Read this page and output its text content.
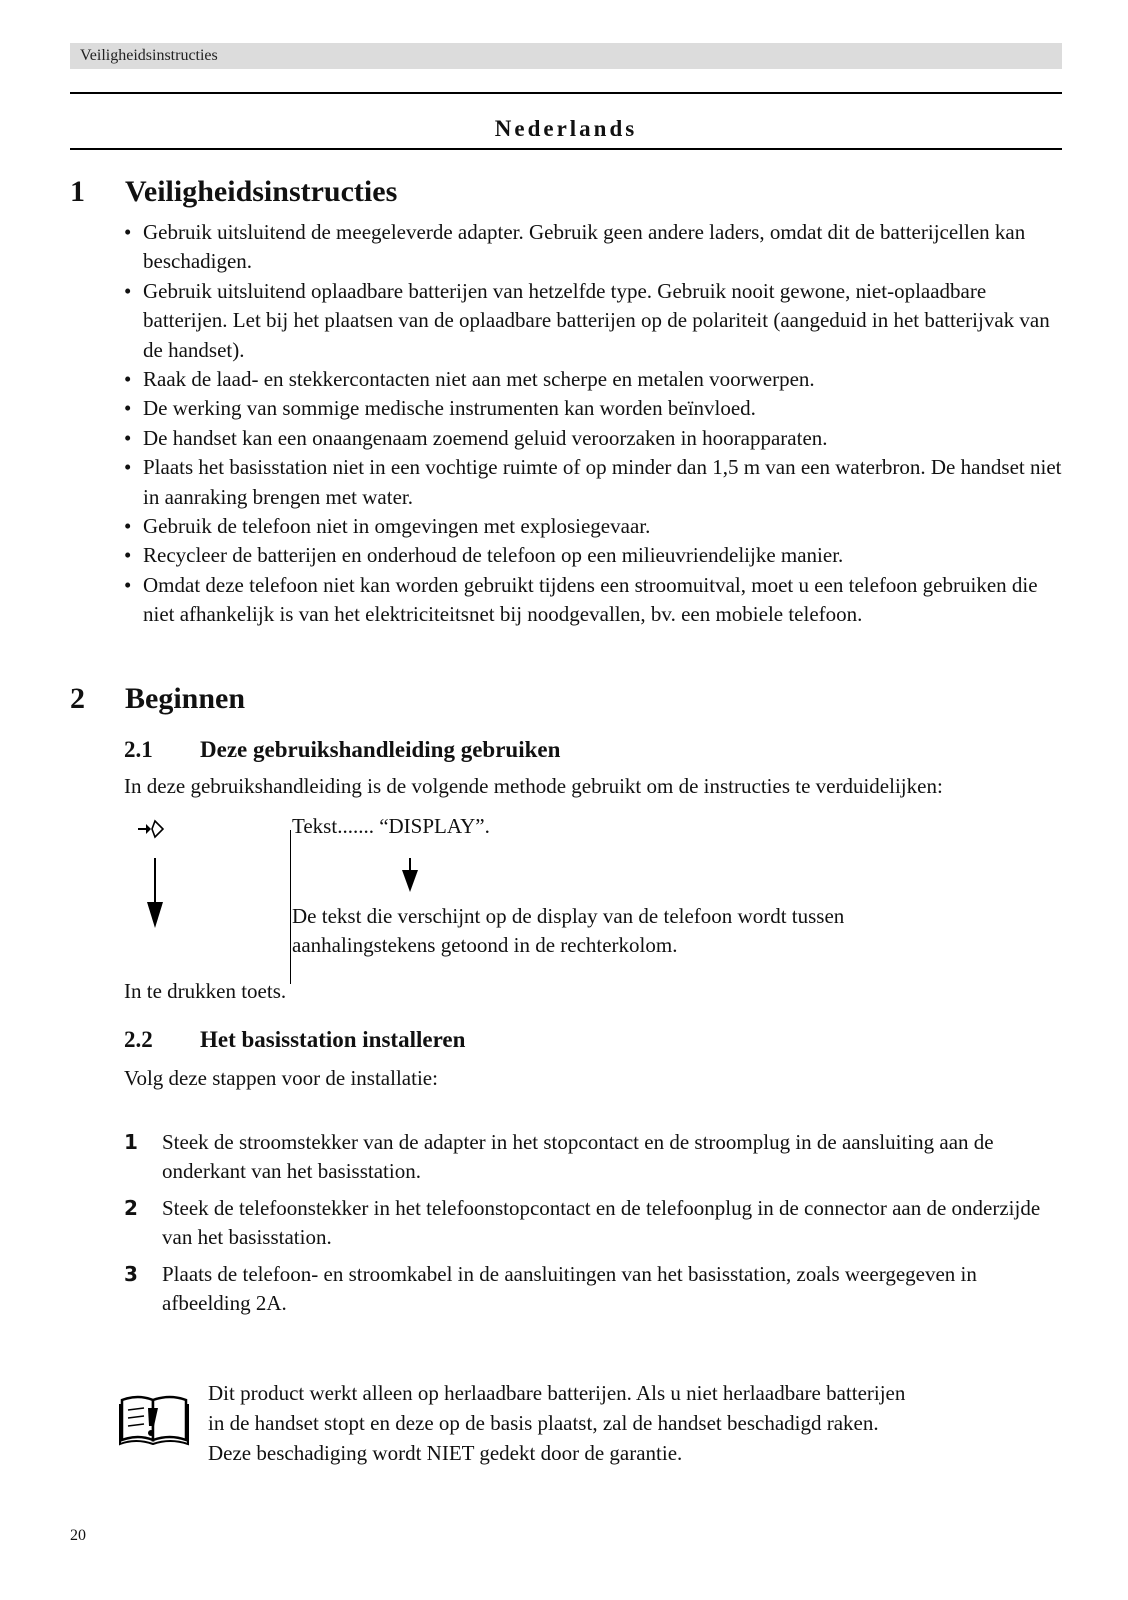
Veiligheidsinstructies
Nederlands
1 Veiligheidsinstructies
• Gebruik uitsluitend de meegeleverde adapter. Gebruik geen andere laders, omdat dit de batterijcellen kan beschadigen.
• Gebruik uitsluitend oplaadbare batterijen van hetzelfde type. Gebruik nooit gewone, niet-oplaadbare batterijen. Let bij het plaatsen van de oplaadbare batterijen op de polariteit (aangeduid in het batterijvak van de handset).
• Raak de laad- en stekkercontacten niet aan met scherpe en metalen voorwerpen.
• De werking van sommige medische instrumenten kan worden beïnvloed.
• De handset kan een onaangenaam zoemend geluid veroorzaken in hoorapparaten.
• Plaats het basisstation niet in een vochtige ruimte of op minder dan 1,5 m van een waterbron. De handset niet in aanraking brengen met water.
• Gebruik de telefoon niet in omgevingen met explosiegevaar.
• Recycleer de batterijen en onderhoud de telefoon op een milieuvriendelijke manier.
• Omdat deze telefoon niet kan worden gebruikt tijdens een stroomuitval, moet u een telefoon gebruiken die niet afhankelijk is van het elektriciteitsnet bij noodgevallen, bv. een mobiele telefoon.
2 Beginnen
2.1 Deze gebruikshandleiding gebruiken
In deze gebruikshandleiding is de volgende methode gebruikt om de instructies te verduidelijken:
Tekst....... “DISPLAY”.
De tekst die verschijnt op de display van de telefoon wordt tussen
aanhalingstekens getoond in de rechterkolom.
In te drukken toets.
2.2 Het basisstation installeren
Volg deze stappen voor de installatie:
1 Steek de stroomstekker van de adapter in het stopcontact en de stroomplug in de aansluiting aan de onderkant van het basisstation.
2 Steek de telefoonstekker in het telefoonstopcontact en de telefoonplug in de connector aan de onderzijde van het basisstation.
3 Plaats de telefoon- en stroomkabel in de aansluitingen van het basisstation, zoals weergegeven in afbeelding 2A.
Dit product werkt alleen op herlaadbare batterijen. Als u niet herlaadbare batterijen
in de handset stopt en deze op de basis plaatst, zal de handset beschadigd raken.
Deze beschadiging wordt NIET gedekt door de garantie.
20
